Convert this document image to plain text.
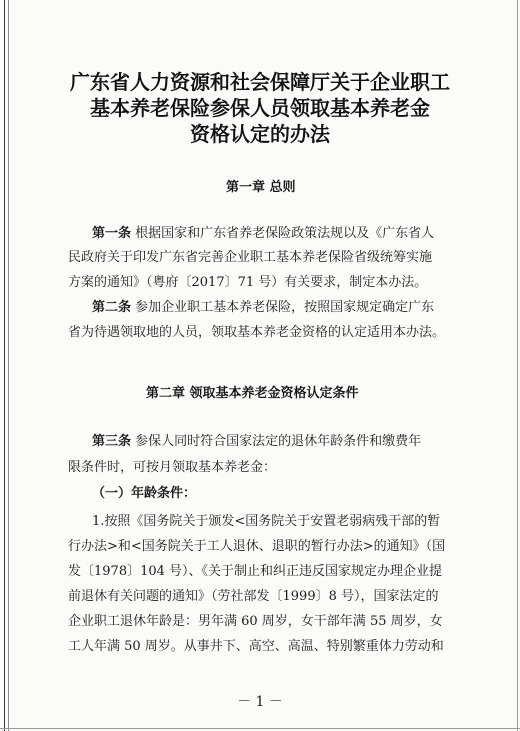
广东省人力资源和社会保障厅关于企业职工
基本养老保险参保人员领取基本养老金
资格认定的办法
第一章 总则
第一条 根据国家和广东省养老保险政策法规以及《广东省人
民政府关于印发广东省完善企业职工基本养老保险省级统筹实施
方案的通知》（粤府〔2017〕71 号）有关要求，制定本办法。
第二条 参加企业职工基本养老保险，按照国家规定确定广东
省为待遇领取地的人员，领取基本养老金资格的认定适用本办法。
第二章 领取基本养老金资格认定条件
第三条 参保人同时符合国家法定的退休年龄条件和缴费年
限条件时，可按月领取基本养老金：
（一）年龄条件：
1.按照《国务院关于颁发<国务院关于安置老弱病残干部的暂
行办法>和<国务院关于工人退休、退职的暂行办法>的通知》（国
发〔1978〕104 号）、《关于制止和纠正违反国家规定办理企业提
前退休有关问题的通知》（劳社部发〔1999〕8 号），国家法定的
企业职工退休年龄是：男年满 60 周岁，女干部年满 55 周岁，女
工人年满 50 周岁。从事井下、高空、高温、特别繁重体力劳动和
－ 1 －
